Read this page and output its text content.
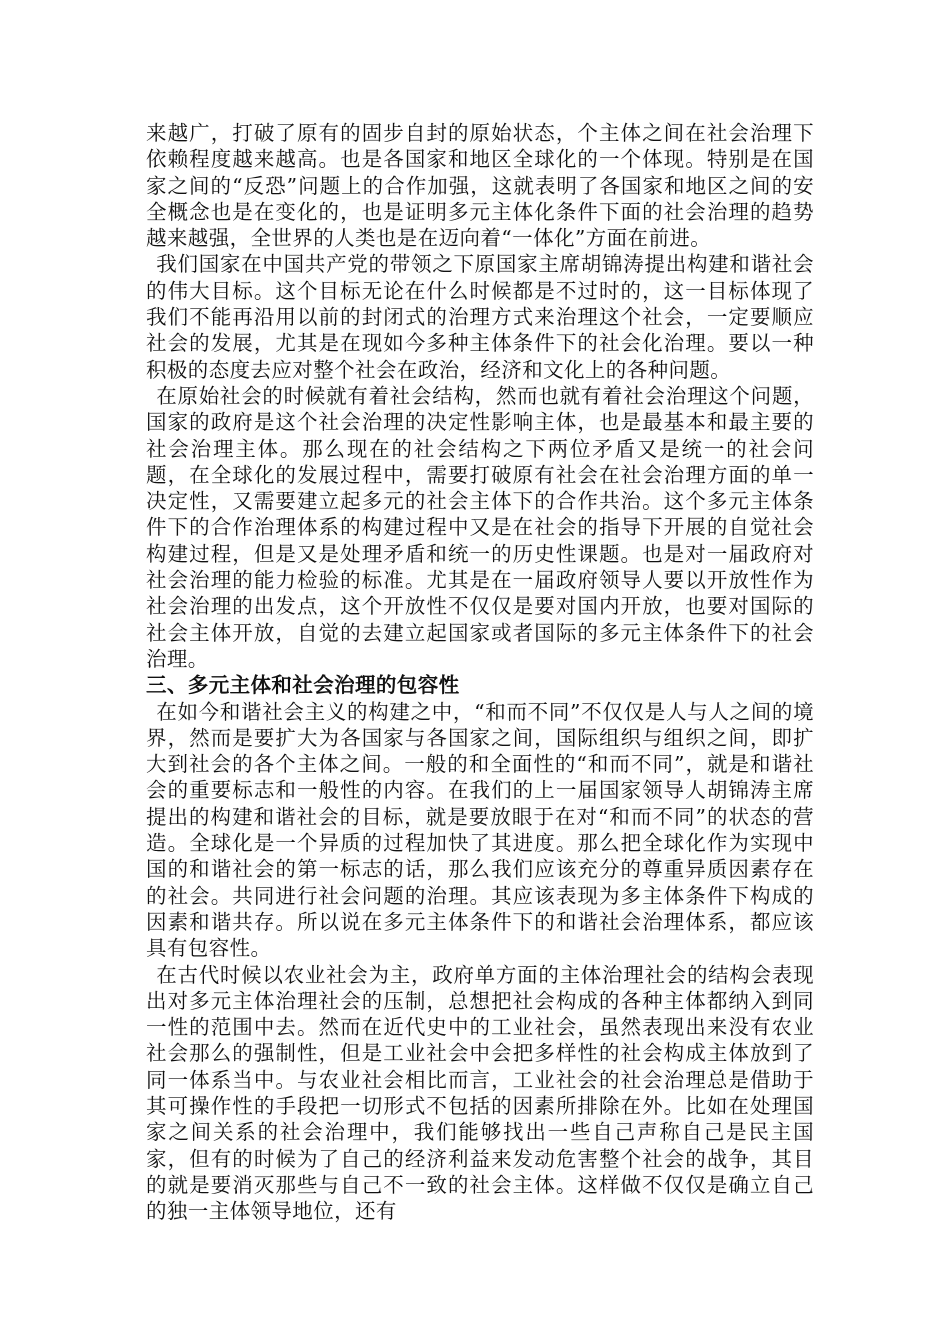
来越广，打破了原有的固步自封的原始状态，个主体之间在社会治理下依赖程度越来越高。也是各国家和地区全球化的一个体现。特别是在国家之间的“反恐”问题上的合作加强，这就表明了各国家和地区之间的安全概念也是在变化的，也是证明多元主体化条件下面的社会治理的趋势越来越强，全世界的人类也是在迈向着“一体化”方面在前进。

我们国家在中国共产党的带领之下原国家主席胡锦涛提出构建和谐社会的伟大目标。这个目标无论在什么时候都是不过时的，这一目标体现了我们不能再沿用以前的封闭式的治理方式来治理这个社会，一定要顺应社会的发展，尤其是在现如今多种主体条件下的社会化治理。要以一种积极的态度去应对整个社会在政治，经济和文化上的各种问题。

在原始社会的时候就有着社会结构，然而也就有着社会治理这个问题，国家的政府是这个社会治理的决定性影响主体，也是最基本和最主要的社会治理主体。那么现在的社会结构之下两位矛盾又是统一的社会问题，在全球化的发展过程中，需要打破原有社会在社会治理方面的单一决定性，又需要建立起多元的社会主体下的合作共治。这个多元主体条件下的合作治理体系的构建过程中又是在社会的指导下开展的自觉社会构建过程，但是又是处理矛盾和统一的历史性课题。也是对一届政府对社会治理的能力检验的标准。尤其是在一届政府领导人要以开放性作为社会治理的出发点，这个开放性不仅仅是要对国内开放，也要对国际的社会主体开放，自觉的去建立起国家或者国际的多元主体条件下的社会治理。

三、多元主体和社会治理的包容性

在如今和谐社会主义的构建之中，“和而不同”不仅仅是人与人之间的境界，然而是要扩大为各国家与各国家之间，国际组织与组织之间，即扩大到社会的各个主体之间。一般的和全面性的“和而不同”，就是和谐社会的重要标志和一般性的内容。在我们的上一届国家领导人胡锦涛主席提出的构建和谐社会的目标，就是要放眼于在对“和而不同”的状态的营造。全球化是一个异质的过程加快了其进度。那么把全球化作为实现中国的和谐社会的第一标志的话，那么我们应该充分的尊重异质因素存在的社会。共同进行社会问题的治理。其应该表现为多主体条件下构成的因素和谐共存。所以说在多元主体条件下的和谐社会治理体系，都应该具有包容性。

在古代时候以农业社会为主，政府单方面的主体治理社会的结构会表现出对多元主体治理社会的压制，总想把社会构成的各种主体都纳入到同一性的范围中去。然而在近代史中的工业社会，虽然表现出来没有农业社会那么的强制性，但是工业社会中会把多样性的社会构成主体放到了同一体系当中。与农业社会相比而言，工业社会的社会治理总是借助于其可操作性的手段把一切形式不包括的因素所排除在外。比如在处理国家之间关系的社会治理中，我们能够找出一些自己声称自己是民主国家，但有的时候为了自己的经济利益来发动危害整个社会的战争，其目的就是要消灭那些与自己不一致的社会主体。这样做不仅仅是确立自己的独一主体领导地位，还有
